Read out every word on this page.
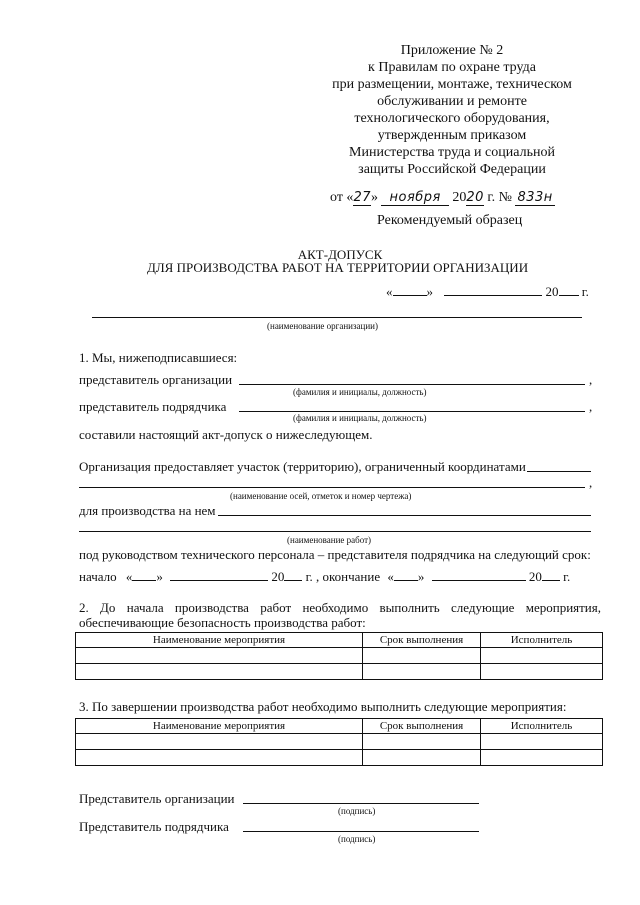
Приложение № 2
к Правилам по охране труда
при размещении, монтаже, техническом
обслуживании и ремонте
технологического оборудования,
утвержденным приказом
Министерства труда и социальной
защиты Российской Федерации
от «27» ноября 2020 г. № 833н
Рекомендуемый образец
АКТ-ДОПУСК
ДЛЯ ПРОИЗВОДСТВА РАБОТ НА ТЕРРИТОРИИ ОРГАНИЗАЦИИ
«	»	20 г.
(наименование организации)
1. Мы, нижеподписавшиеся:
представитель организации	,
(фамилия и инициалы, должность)
представитель подрядчика	,
(фамилия и инициалы, должность)
составили настоящий акт-допуск о нижеследующем.
Организация предоставляет участок (территорию), ограниченный координатами
,
(наименование осей, отметок и номер чертежа)
для производства на нем
(наименование работ)
под руководством технического персонала – представителя подрядчика на следующий срок:
начало « »	20 г. , окончание « »	20 г.
2. До начала производства работ необходимо выполнить следующие мероприятия,
обеспечивающие безопасность производства работ:
Наименование мероприятия	Срок выполнения	Исполнитель

3. По завершении производства работ необходимо выполнить следующие мероприятия:
Наименование мероприятия	Срок выполнения	Исполнитель

Представитель организации
(подпись)
Представитель подрядчика
(подпись)
